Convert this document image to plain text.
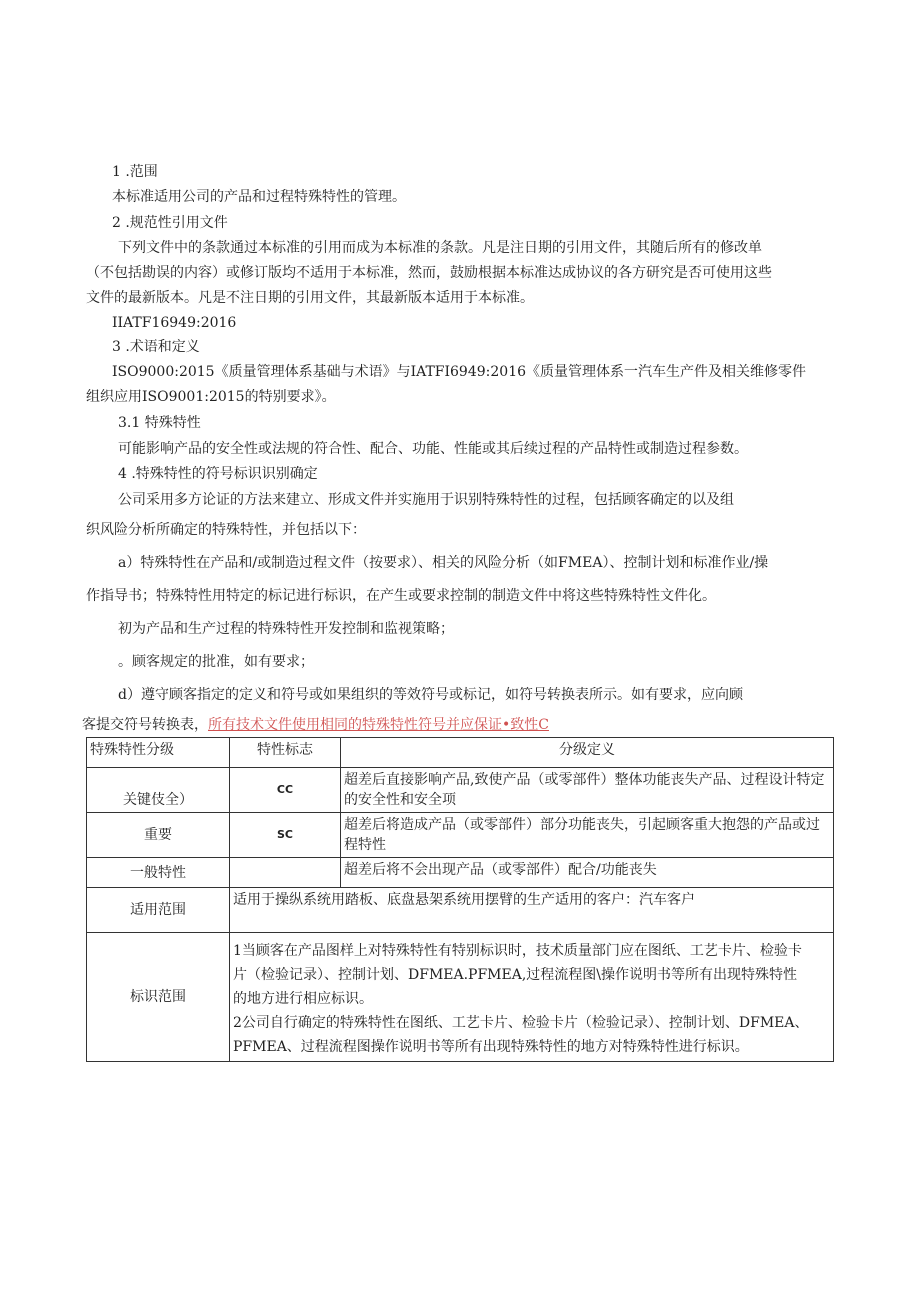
1 .范围
本标准适用公司的产品和过程特殊特性的管理。
2 .规范性引用文件
下列文件中的条款通过本标准的引用而成为本标准的条款。凡是注日期的引用文件，其随后所有的修改单
（不包括勘误的内容）或修订版均不适用于本标准，然而，鼓励根据本标准达成协议的各方研究是否可使用这些
文件的最新版本。凡是不注日期的引用文件，其最新版本适用于本标准。
IIATF16949:2016
3 .术语和定义
ISO9000:2015《质量管理体系基础与术语》与IATFI6949:2016《质量管理体系一汽车生产件及相关维修零件
组织应用ISO9001:2015的特别要求》。
3.1 特殊特性
可能影响产品的安全性或法规的符合性、配合、功能、性能或其后续过程的产品特性或制造过程参数。
4 .特殊特性的符号标识识别确定
公司采用多方论证的方法来建立、形成文件并实施用于识别特殊特性的过程，包括顾客确定的以及组
织风险分析所确定的特殊特性，并包括以下：
a）特殊特性在产品和/或制造过程文件（按要求）、相关的风险分析（如FMEA）、控制计划和标准作业/操
作指导书；特殊特性用特定的标记进行标识，在产生或要求控制的制造文件中将这些特殊特性文件化。
初为产品和生产过程的特殊特性开发控制和监视策略；
。顾客规定的批准，如有要求；
d）遵守顾客指定的定义和符号或如果组织的等效符号或标记，如符号转换表所示。如有要求，应向顾
客提交符号转换表，所有技术文件使用相同的特殊特性符号并应保证•致性C
特殊特性分级	特性标志	分级定义
关键伎全）	CC	超差后直接影响产品,致使产品（或零部件）整体功能丧失产品、过程设计特定的安全性和安全项
重要	SC	超差后将造成产品（或零部件）部分功能丧失，引起顾客重大抱怨的产品或过程特性
一般特性		超差后将不会出现产品（或零部件）配合/功能丧失
适用范围	适用于操纵系统用踏板、底盘悬架系统用摆臂的生产适用的客户：汽车客户	
标识范围	1当顾客在产品图样上对特殊特性有特别标识时，技术质量部门应在图纸、工艺卡片、检验卡片（检验记录）、控制计划、DFMEA.PFMEA,过程流程图\操作说明书等所有出现特殊特性的地方进行相应标识。
2公司自行确定的特殊特性在图纸、工艺卡片、检验卡片（检验记录）、控制计划、DFMEA、PFMEA、过程流程图操作说明书等所有出现特殊特性的地方对特殊特性进行标识。	
